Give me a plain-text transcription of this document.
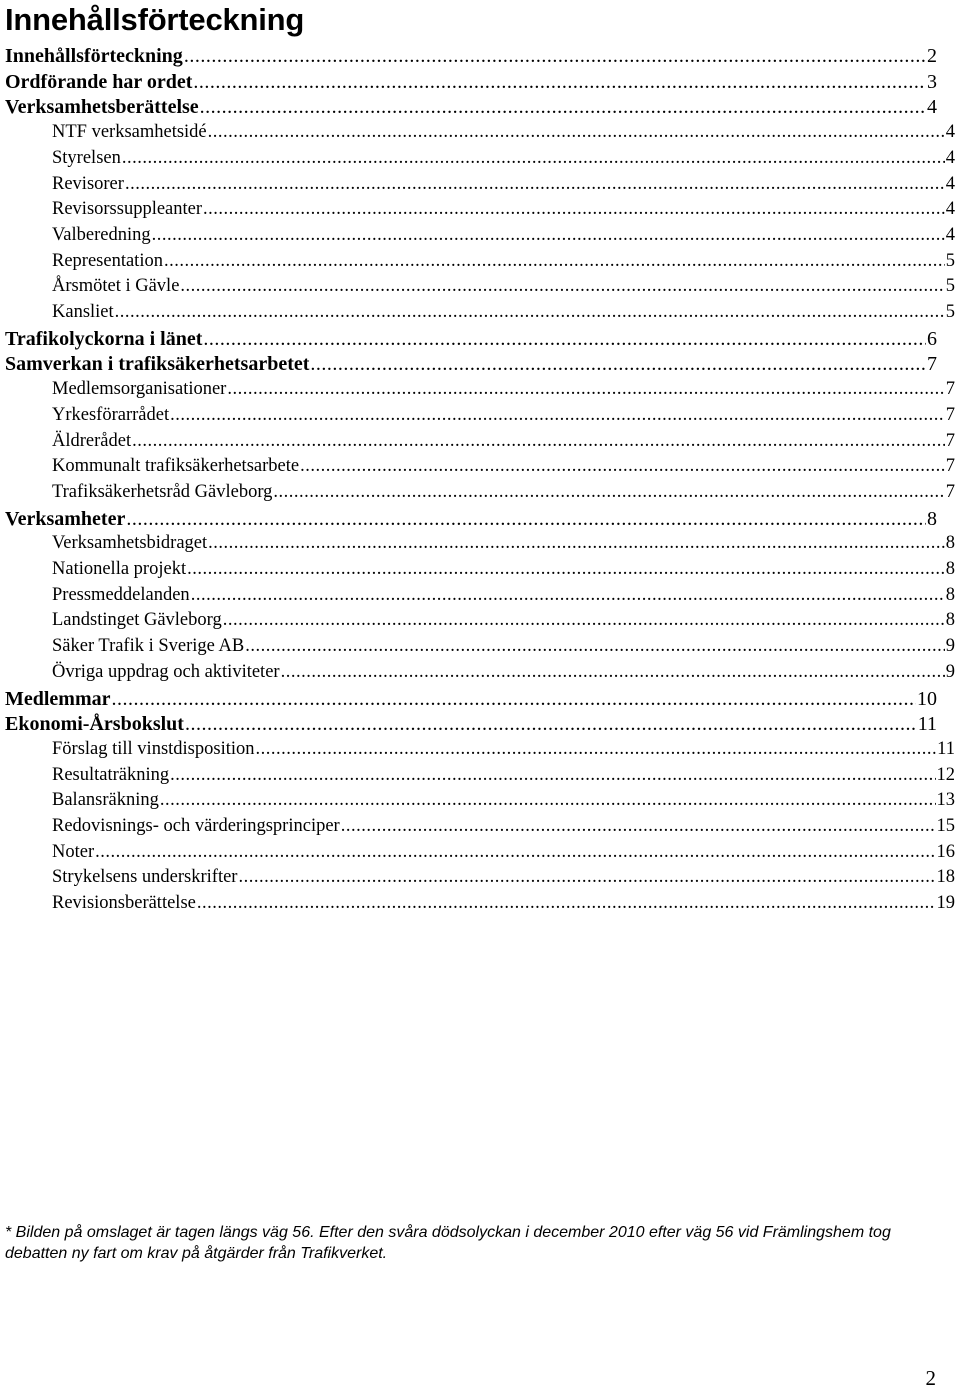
Innehållsförteckning
Innehållsförteckning .....	2
Ordförande har ordet .....	3
Verksamhetsberättelse .....	4
NTF verksamhetsidé .....	4
Styrelsen .....	4
Revisorer .....	4
Revisorssuppleanter .....	4
Valberedning .....	4
Representation .....	5
Årsmötet i Gävle .....	5
Kansliet .....	5
Trafikolyckorna i länet .....	6
Samverkan i trafiksäkerhetsarbetet .....	7
Medlemsorganisationer .....	7
Yrkesförarrådet .....	7
Äldrerådet .....	7
Kommunalt trafiksäkerhetsarbete .....	7
Trafiksäkerhetsråd Gävleborg .....	7
Verksamheter .....	8
Verksamhetsbidraget .....	8
Nationella projekt .....	8
Pressmeddelanden .....	8
Landstinget Gävleborg .....	8
Säker Trafik i Sverige AB .....	9
Övriga uppdrag och aktiviteter .....	9
Medlemmar .....	10
Ekonomi-Årsbokslut .....	11
Förslag till vinstdisposition .....	11
Resultaträkning .....	12
Balansräkning .....	13
Redovisnings- och värderingsprinciper .....	15
Noter .....	16
Strykelsens underskrifter .....	18
Revisionsberättelse .....	19

* Bilden på omslaget är tagen längs väg 56. Efter den svåra dödsolyckan i december 2010 efter väg 56 vid Främlingshem tog debatten ny fart om krav på åtgärder från Trafikverket.

2
